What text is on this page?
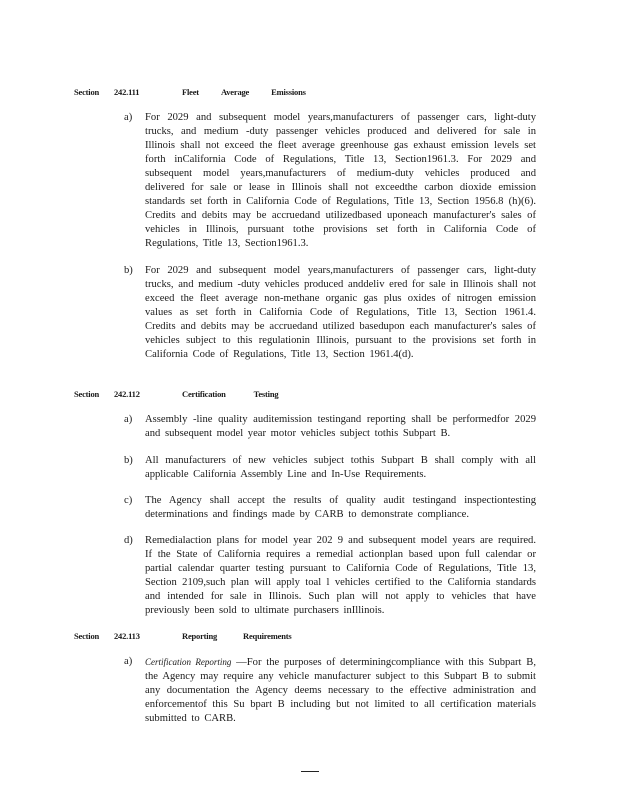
Section 242.111	Fleet	Average	Emissions
a) For 2029 and subsequent model years,manufacturers of passenger cars, light-duty trucks, and medium -duty passenger vehicles produced and delivered for sale in Illinois shall not exceed the fleet average greenhouse gas exhaust emission levels set forth inCalifornia Code of Regulations, Title 13, Section1961.3. For 2029 and subsequent model years,manufacturers of medium-duty vehicles produced and delivered for sale or lease in Illinois shall not exceedthe carbon dioxide emission standards set forth in California Code of Regulations, Title 13, Section 1956.8 (h)(6). Credits and debits may be accruedand utilizedbased uponeach manufacturer's sales of vehicles in Illinois, pursuant tothe provisions set forth in California Code of Regulations, Title 13, Section1961.3.
b) For 2029 and subsequent model years,manufacturers of passenger cars, light-duty trucks, and medium -duty vehicles produced anddeliv ered for sale in Illinois shall not exceed the fleet average non-methane organic gas plus oxides of nitrogen emission values as set forth in California Code of Regulations, Title 13, Section 1961.4. Credits and debits may be accruedand utilized basedupon each manufacturer's sales of vehicles subject to this regulationin Illinois, pursuant to the provisions set forth in California Code of Regulations, Title 13, Section 1961.4(d).
Section 242.112	Certification	Testing
a) Assembly -line quality auditemission testingand reporting shall be performedfor 2029 and subsequent model year motor vehicles subject tothis Subpart B.
b) All manufacturers of new vehicles subject tothis Subpart B shall comply with all applicable California Assembly Line and In-Use Requirements.
c) The Agency shall accept the results of quality audit testingand inspectiontesting determinations and findings made by CARB to demonstrate compliance.
d) Remedialaction plans for model year 202 9 and subsequent model years are required. If the State of California requires a remedial actionplan based upon full calendar or partial calendar quarter testing pursuant to California Code of Regulations, Title 13, Section 2109,such plan will apply toal l vehicles certified to the California standards and intended for sale in Illinois. Such plan will not apply to vehicles that have previously been sold to ultimate purchasers inIllinois.
Section 242.113	Reporting	Requirements
a) Certification Reporting —For the purposes of determiningcompliance with this Subpart B, the Agency may require any vehicle manufacturer subject to this Subpart B to submit any documentation the Agency deems necessary to the effective administration and enforcementof this Su bpart B including but not limited to all certification materials submitted to CARB.
